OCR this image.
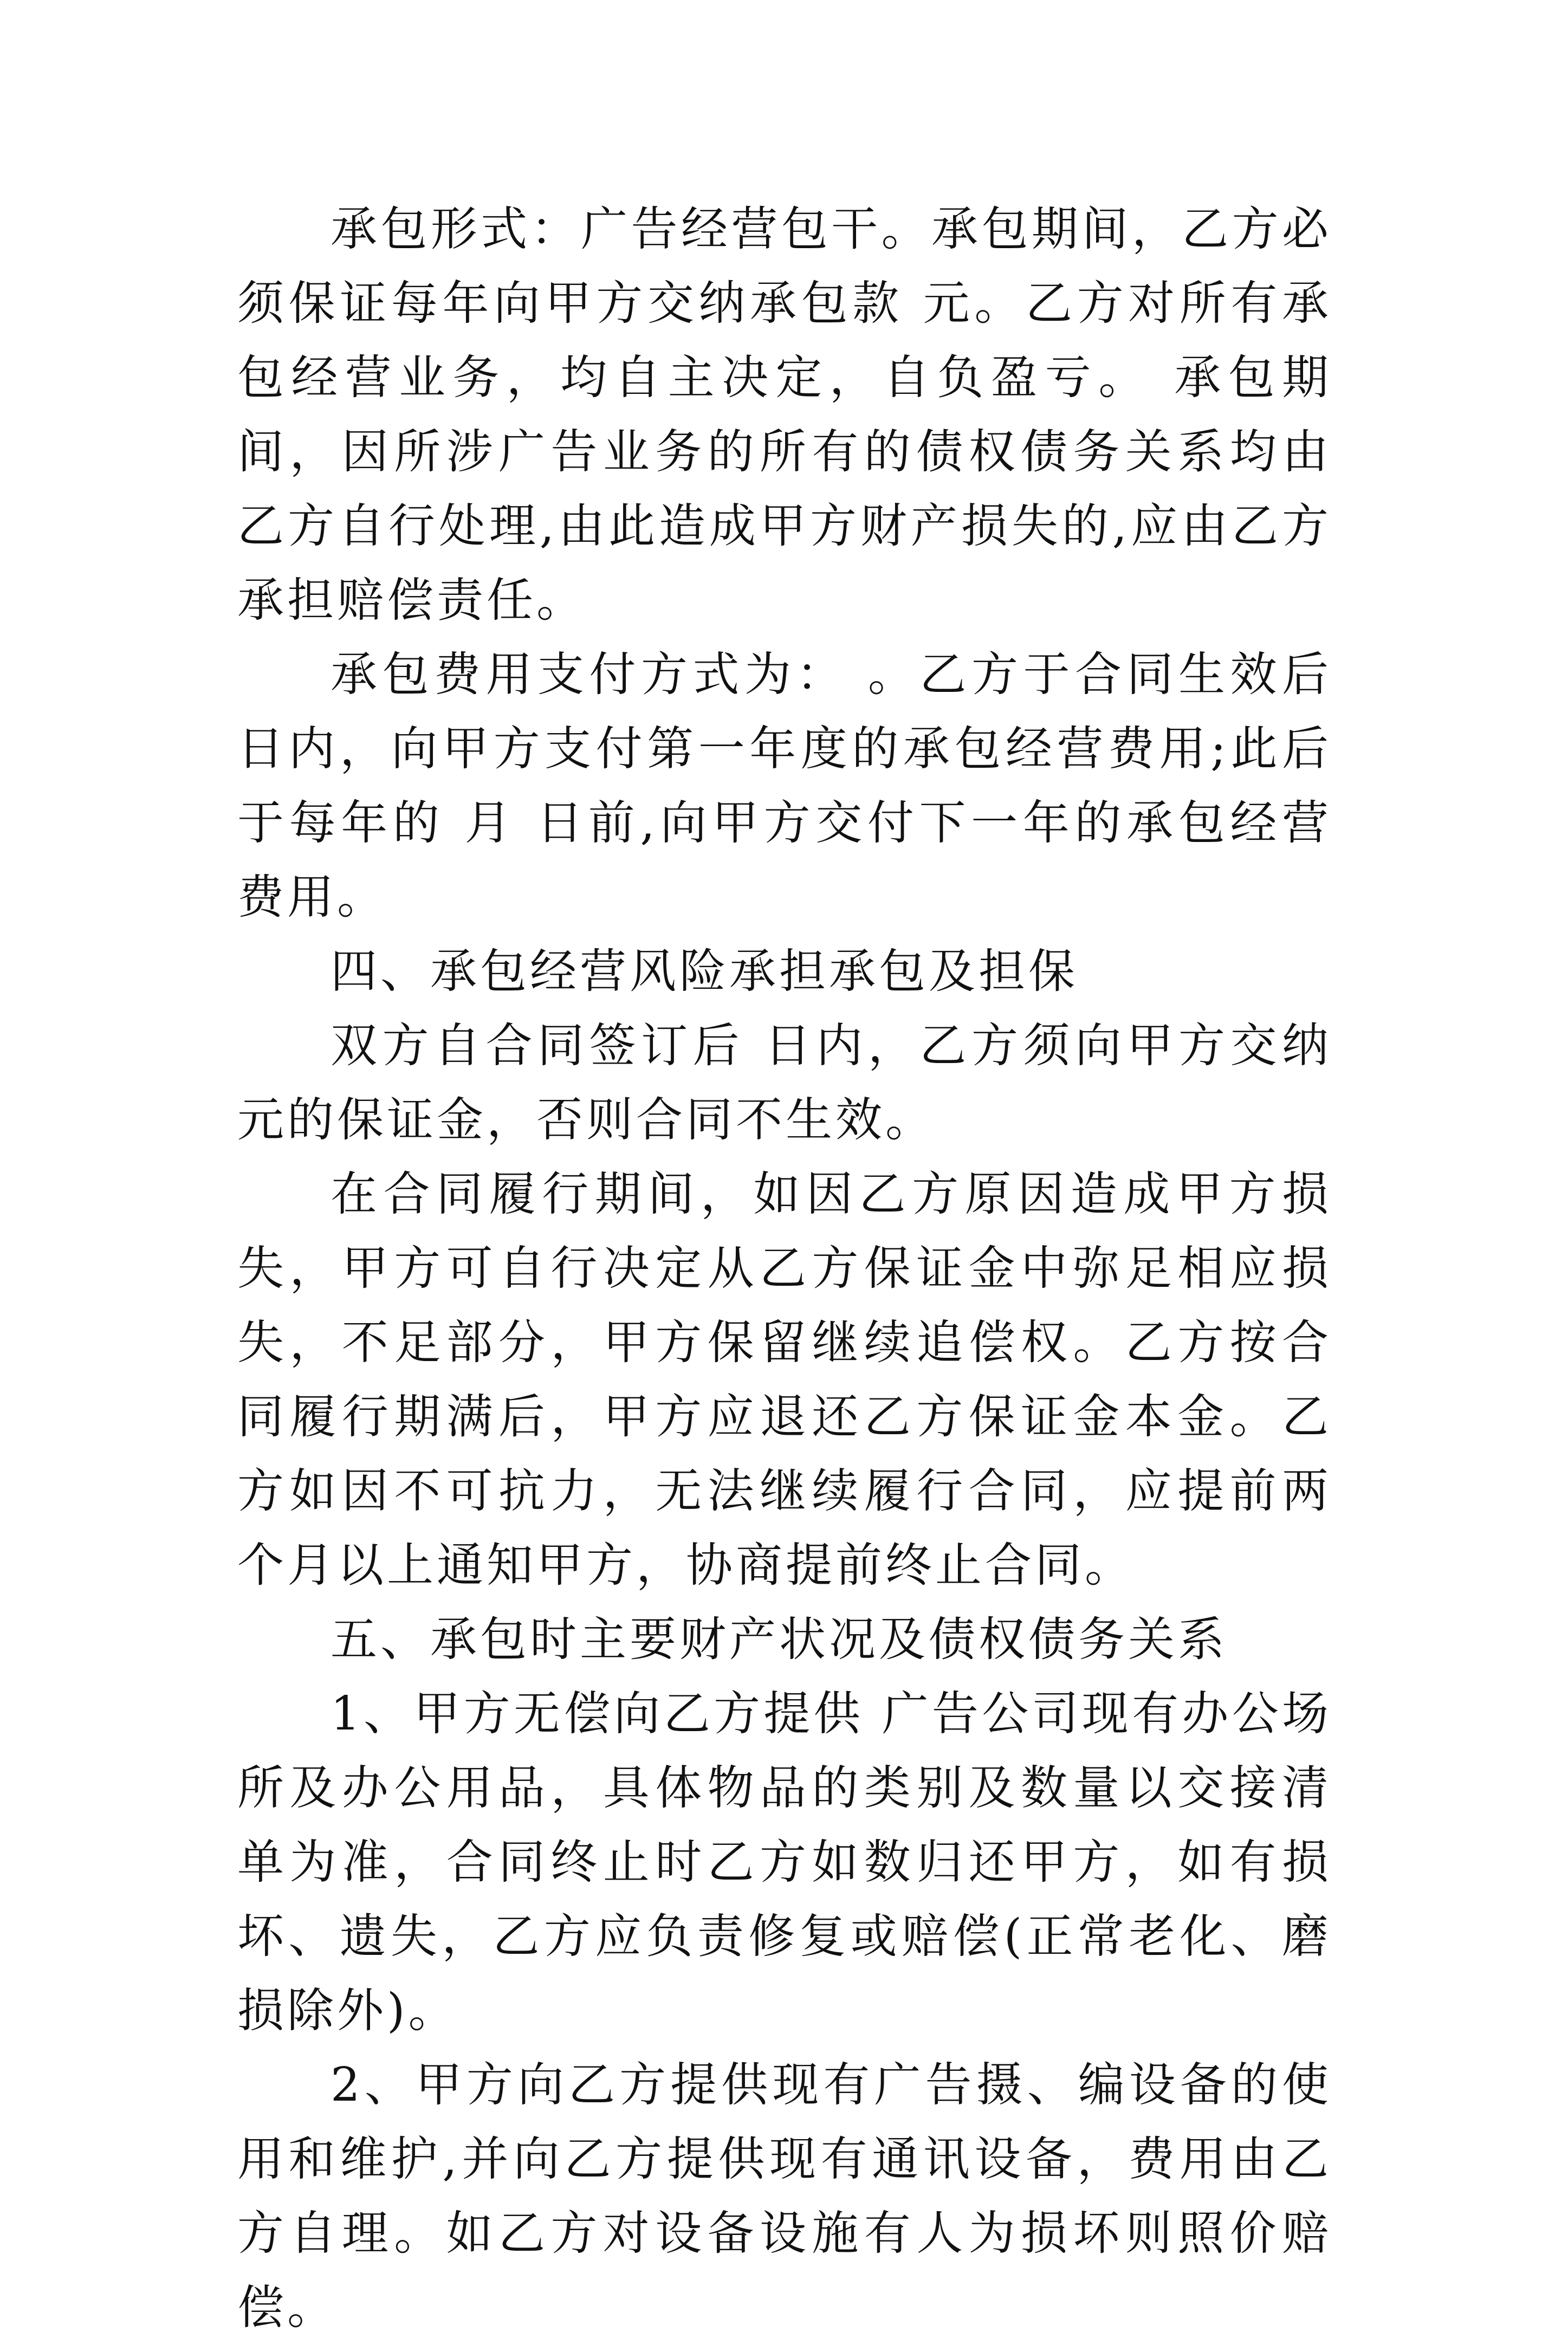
承包形式：广告经营包干。承包期间，乙方必须保证每年向甲方交纳承包款 元。乙方对所有承包经营业务，均自主决定，自负盈亏。 承包期间，因所涉广告业务的所有的债权债务关系均由乙方自行处理,由此造成甲方财产损失的,应由乙方承担赔偿责任。

承包费用支付方式为： 。乙方于合同生效后 日内，向甲方支付第一年度的承包经营费用;此后于每年的 月 日前,向甲方交付下一年的承包经营费用。

四、承包经营风险承担承包及担保

双方自合同签订后 日内，乙方须向甲方交纳 元的保证金，否则合同不生效。

在合同履行期间，如因乙方原因造成甲方损失，甲方可自行决定从乙方保证金中弥足相应损失，不足部分，甲方保留继续追偿权。乙方按合同履行期满后，甲方应退还乙方保证金本金。乙方如因不可抗力，无法继续履行合同，应提前两个月以上通知甲方，协商提前终止合同。

五、承包时主要财产状况及债权债务关系

1、甲方无偿向乙方提供 广告公司现有办公场所及办公用品，具体物品的类别及数量以交接清单为准，合同终止时乙方如数归还甲方，如有损坏、遗失，乙方应负责修复或赔偿(正常老化、磨损除外)。

2、甲方向乙方提供现有广告摄、编设备的使用和维护,并向乙方提供现有通讯设备，费用由乙方自理。如乙方对设备设施有人为损坏则照价赔偿。
